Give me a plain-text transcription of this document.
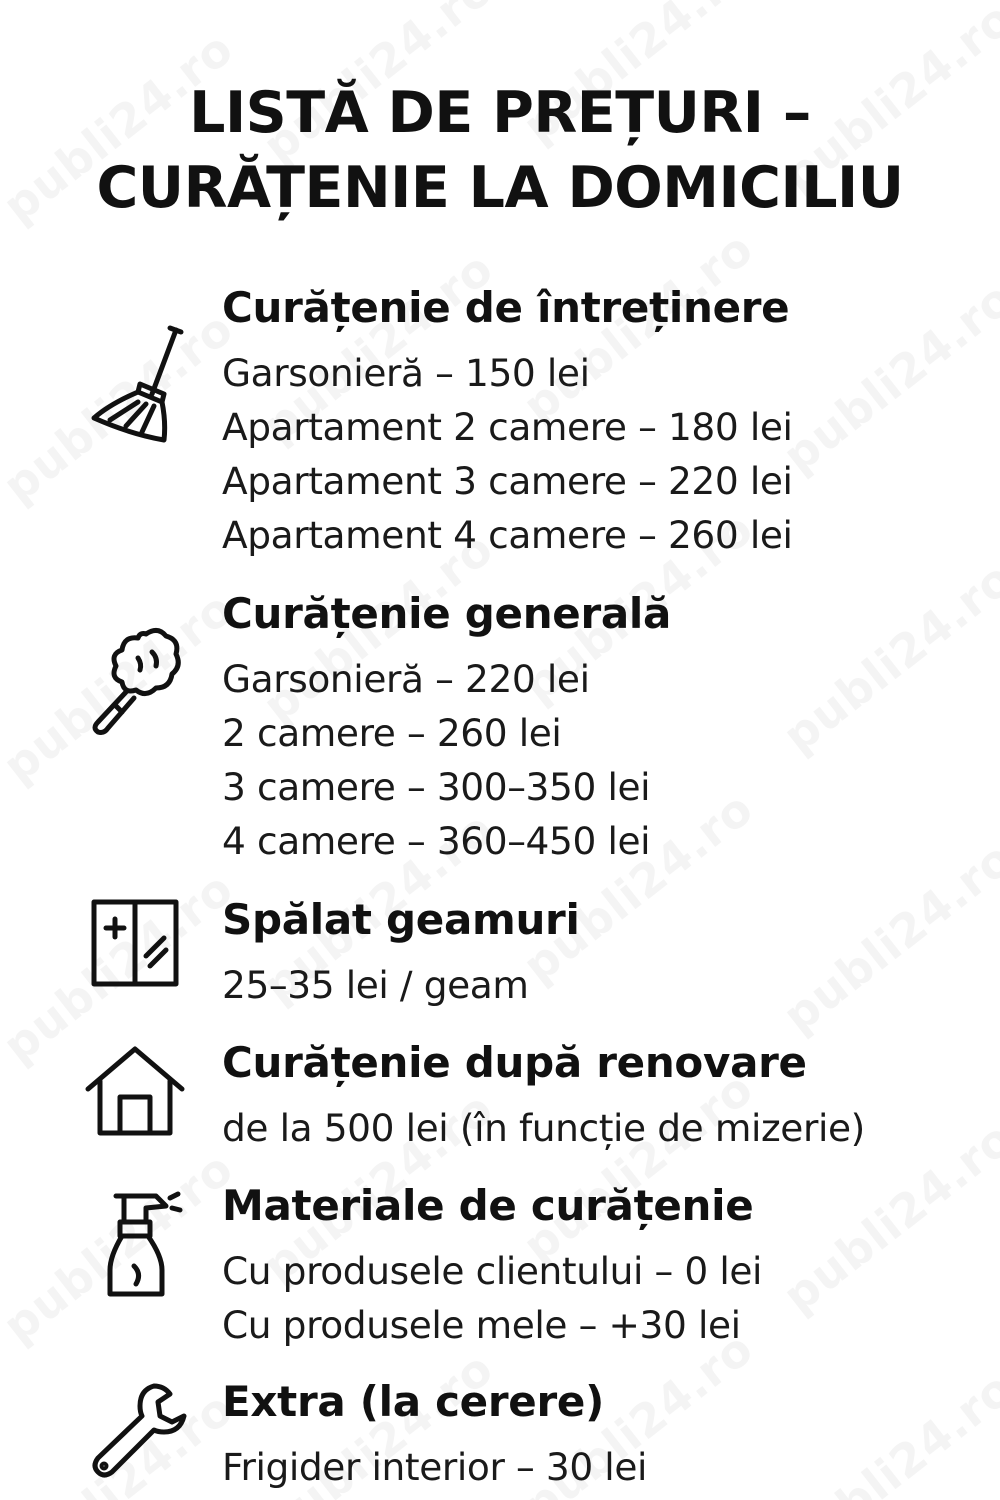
LISTĂ DE PREȚURI –
CURĂȚENIE LA DOMICILIU
Curățenie de întreținere
Garsonieră – 150 lei
Apartament 2 camere – 180 lei
Apartament 3 camere – 220 lei
Apartament 4 camere – 260 lei
Curățenie generală
Garsonieră – 220 lei
2 camere – 260 lei
3 camere – 300–350 lei
4 camere – 360–450 lei
Spălat geamuri
25–35 lei / geam
Curățenie după renovare
de la 500 lei (în funcție de mizerie)
Materiale de curățenie
Cu produsele clientului – 0 lei
Cu produsele mele – +30 lei
Extra (la cerere)
Frigider interior – 30 lei
